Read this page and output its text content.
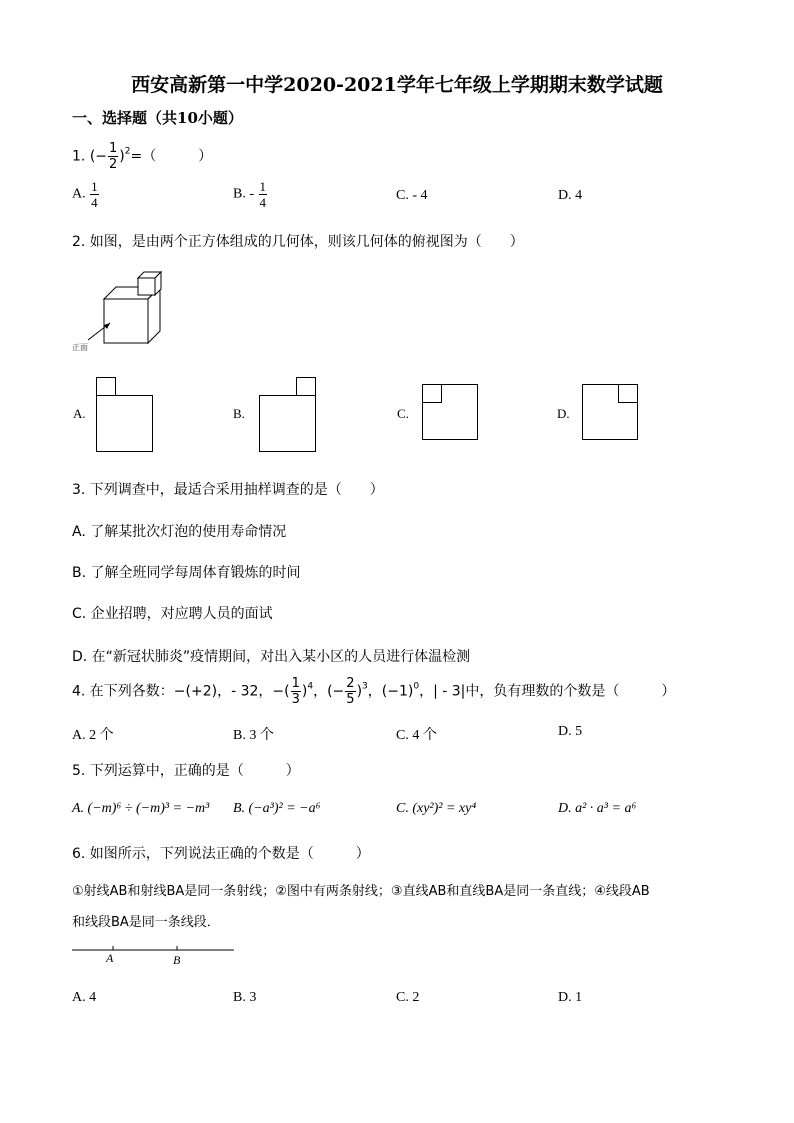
西安高新第一中学2020-2021学年七年级上学期期末数学试题
一、选择题（共10小题）
1. (− $\frac{1}{2} )^2=$（　　　）
A. $\frac{1}{4}$	B. - $\frac{1}{4}$	C. - 4	D. 4
2. 如图，是由两个正方体组成的几何体，则该几何体的俯视图为（　　）
正面
A.	B.	C.	D.
3. 下列调查中，最适合采用抽样调查的是（　　）
A. 了解某批次灯泡的使用寿命情况
B. 了解全班同学每周体育锻炼的时间
C. 企业招聘，对应聘人员的面试
D. 在“新冠状肺炎”疫情期间，对出入某小区的人员进行体温检测
4. 在下列各数：−(+2)，- 32，−( $\frac{1}{3} )^4$，(− $\frac{2}{5} )^3$，$(-1)^0$，| - 3|中，负有理数的个数是（　　　）
A. 2 个	B. 3 个	C. 4 个	D. 5
5. 下列运算中，正确的是（　　　）
A. (−m)⁶ ÷ (−m)³ = −m³ B. (−a³)² = −a⁶	C. (xy²)² = xy⁴	D. a² · a³ = a⁶
6. 如图所示，下列说法正确的个数是（　　　）
①射线AB和射线BA是同一条射线；②图中有两条射线；③直线AB和直线BA是同一条直线；④线段AB
和线段BA是同一条线段．
A	B
A. 4	B. 3	C. 2	D. 1
